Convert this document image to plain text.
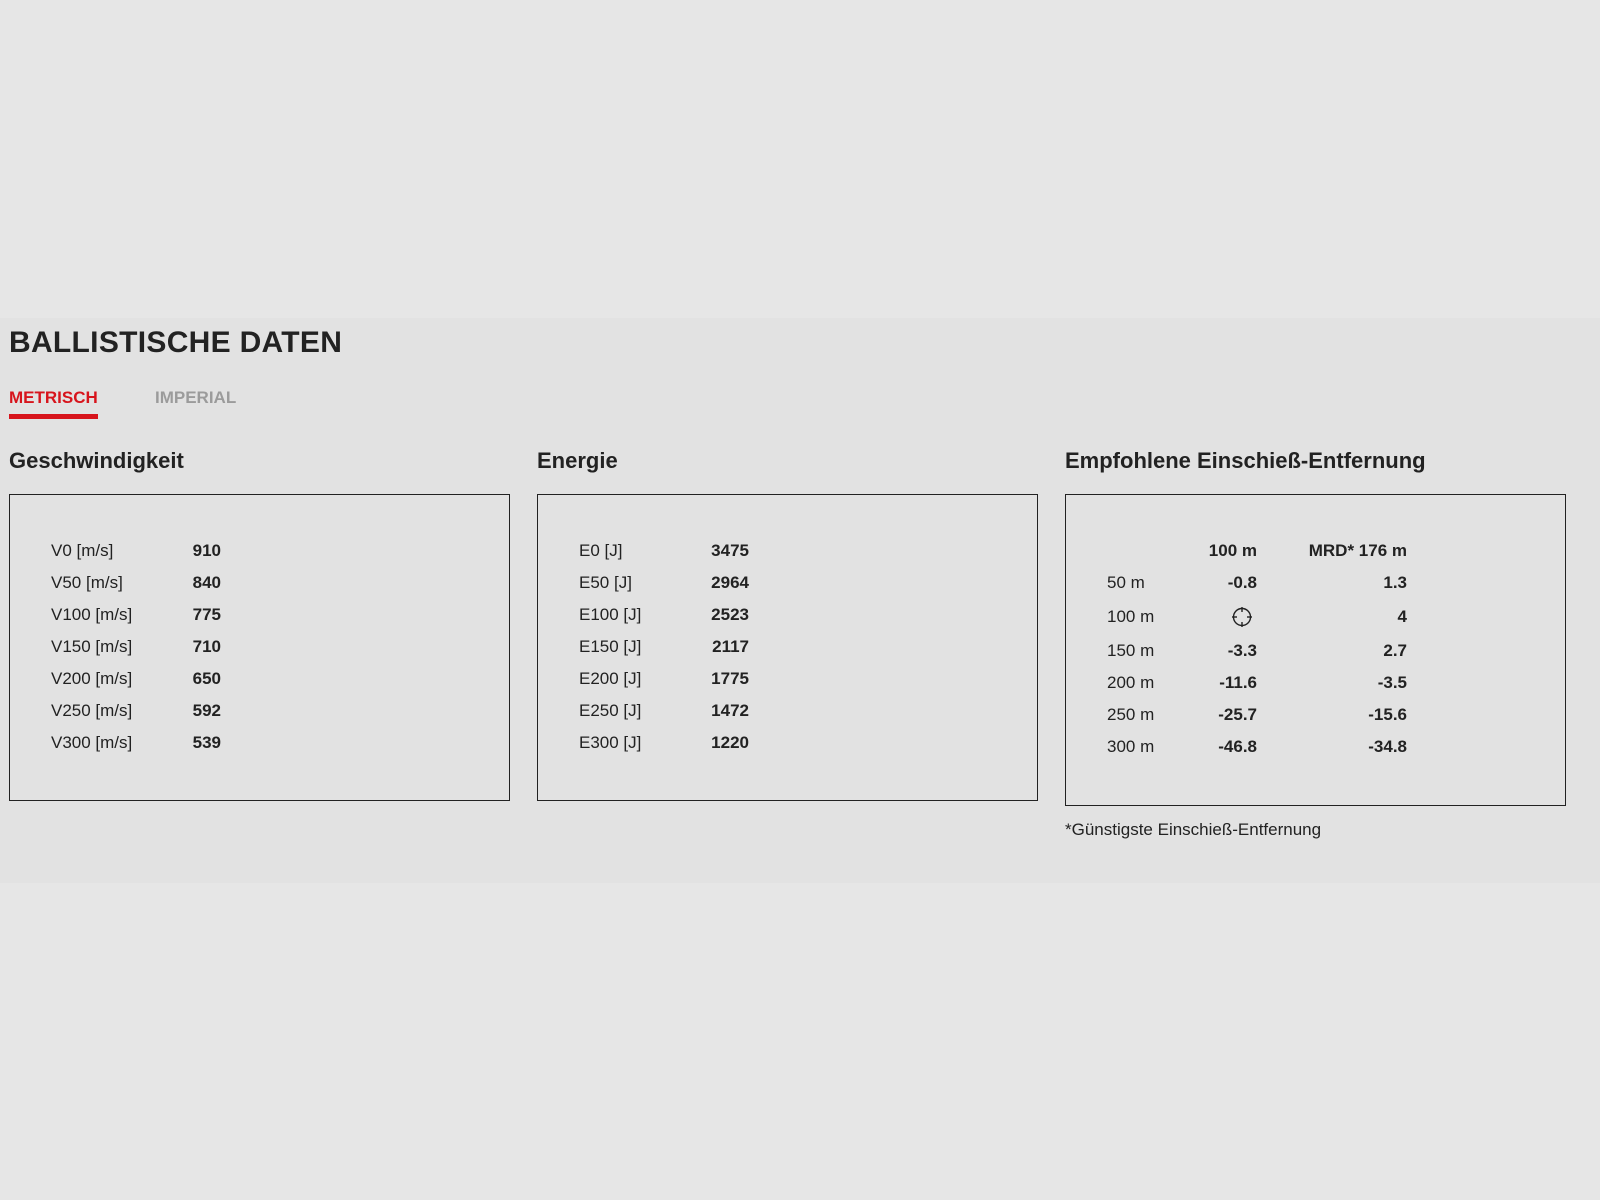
BALLISTISCHE DATEN
METRISCH	IMPERIAL
Geschwindigkeit
V0 [m/s]	910
V50 [m/s]	840
V100 [m/s]	775
V150 [m/s]	710
V200 [m/s]	650
V250 [m/s]	592
V300 [m/s]	539
Energie
E0 [J]	3475
E50 [J]	2964
E100 [J]	2523
E150 [J]	2117
E200 [J]	1775
E250 [J]	1472
E300 [J]	1220
Empfohlene Einschieß-Entfernung
	100 m	MRD* 176 m
50 m	-0.8	1.3
100 m		4
150 m	-3.3	2.7
200 m	-11.6	-3.5
250 m	-25.7	-15.6
300 m	-46.8	-34.8
*Günstigste Einschieß-Entfernung
